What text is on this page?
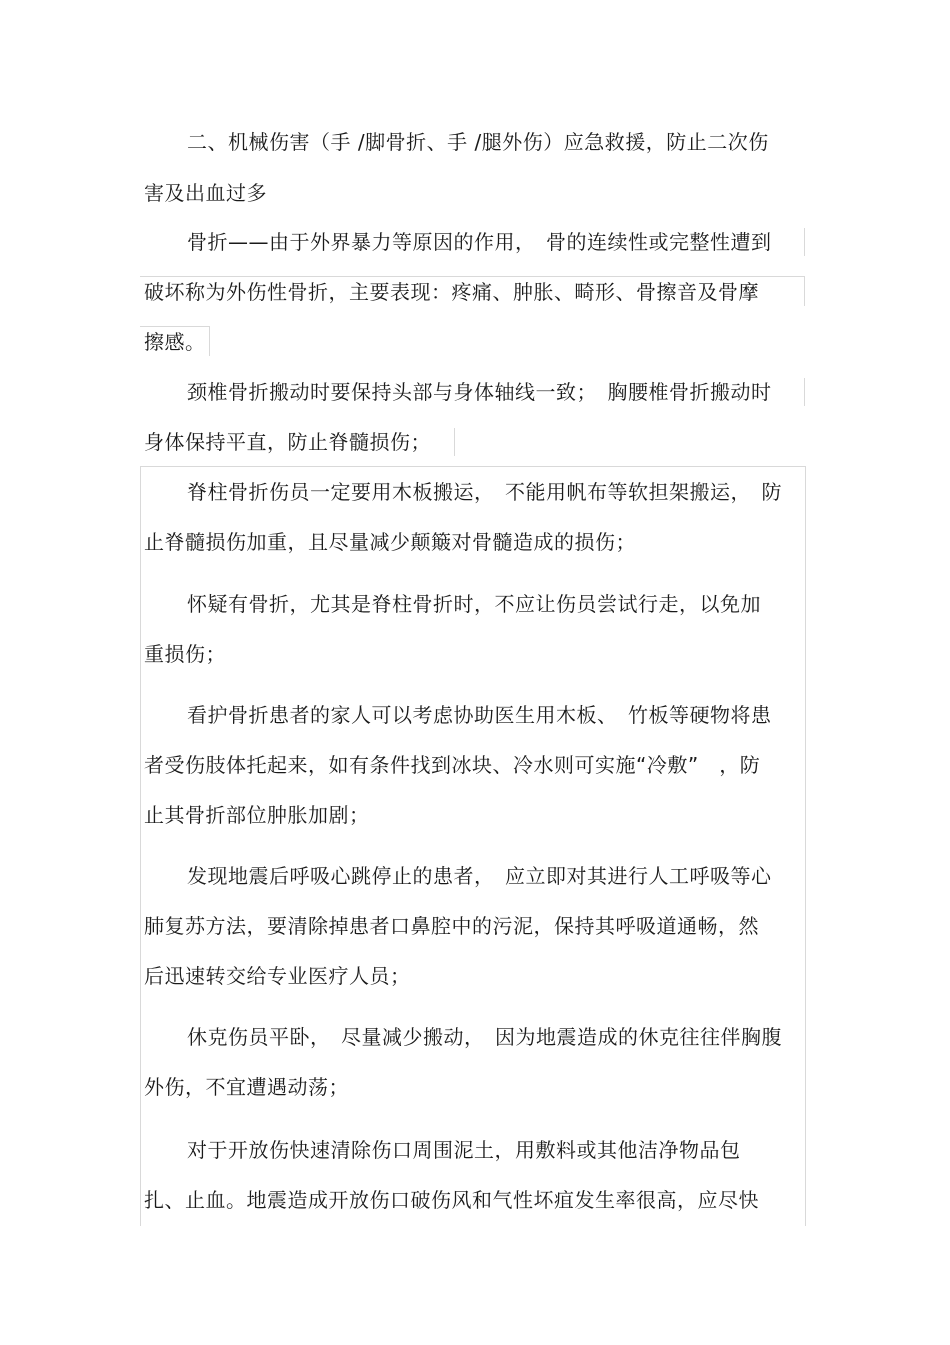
二、机械伤害（手 /脚骨折、手 /腿外伤）应急救援，防止二次伤
害及出血过多
骨折——由于外界暴力等原因的作用，　骨的连续性或完整性遭到
破坏称为外伤性骨折，主要表现：疼痛、肿胀、畸形、骨擦音及骨摩
擦感。
颈椎骨折搬动时要保持头部与身体轴线一致；　胸腰椎骨折搬动时
身体保持平直，防止脊髓损伤；
脊柱骨折伤员一定要用木板搬运，　不能用帆布等软担架搬运，　防
止脊髓损伤加重，且尽量减少颠簸对骨髓造成的损伤；
怀疑有骨折，尤其是脊柱骨折时，不应让伤员尝试行走，以免加
重损伤；
看护骨折患者的家人可以考虑协助医生用木板、　竹板等硬物将患
者受伤肢体托起来，如有条件找到冰块、冷水则可实施“冷敷”　，防
止其骨折部位肿胀加剧；
发现地震后呼吸心跳停止的患者，　应立即对其进行人工呼吸等心
肺复苏方法，要清除掉患者口鼻腔中的污泥，保持其呼吸道通畅，然
后迅速转交给专业医疗人员；
休克伤员平卧，　尽量减少搬动，　因为地震造成的休克往往伴胸腹
外伤，不宜遭遇动荡；
对于开放伤快速清除伤口周围泥土，用敷料或其他洁净物品包
扎、止血。地震造成开放伤口破伤风和气性坏疽发生率很高，应尽快
